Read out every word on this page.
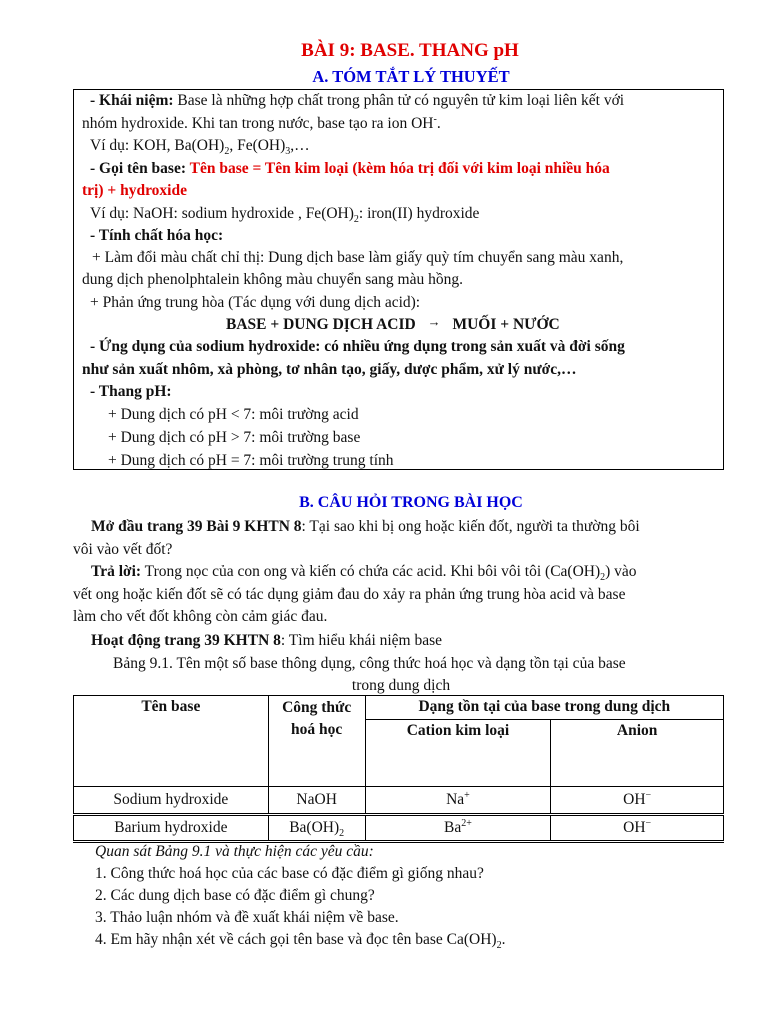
BÀI 9: BASE. THANG pH
A. TÓM TẮT LÝ THUYẾT
- Khái niệm: Base là những hợp chất trong phân tử có nguyên tử kim loại liên kết với
nhóm hydroxide. Khi tan trong nước, base tạo ra ion OH-.
Ví dụ: KOH, $Ba(OH)_2$, $Fe(OH)_3,\dots$
- Gọi tên base: Tên base = Tên kim loại (kèm hóa trị đối với kim loại nhiều hóa
trị) + hydroxide
Ví dụ: NaOH: sodium hydroxide , $Fe(OH)_2$: iron(II) hydroxide
- Tính chất hóa học:
+ Làm đổi màu chất chỉ thị: Dung dịch base làm giấy quỳ tím chuyển sang màu xanh,
dung dịch phenolphtalein không màu chuyển sang màu hồng.
+ Phản ứng trung hòa (Tác dụng với dung dịch acid):
BASE + DUNG DỊCH ACID → MUỐI + NƯỚC
- Ứng dụng của sodium hydroxide: có nhiều ứng dụng trong sản xuất và đời sống
như sản xuất nhôm, xà phòng, tơ nhân tạo, giấy, dược phẩm, xử lý nước,…
- Thang pH:
+ Dung dịch có pH < 7: môi trường acid
+ Dung dịch có pH > 7: môi trường base
+ Dung dịch có pH = 7: môi trường trung tính
B. CÂU HỎI TRONG BÀI HỌC
Mở đầu trang 39 Bài 9 KHTN 8: Tại sao khi bị ong hoặc kiến đốt, người ta thường bôi
vôi vào vết đốt?
Trả lời: Trong nọc của con ong và kiến có chứa các acid. Khi bôi vôi tôi $(Ca(OH)_2)$ vào
vết ong hoặc kiến đốt sẽ có tác dụng giảm đau do xảy ra phản ứng trung hòa acid và base
làm cho vết đốt không còn cảm giác đau.
Hoạt động trang 39 KHTN 8: Tìm hiểu khái niệm base
Bảng 9.1. Tên một số base thông dụng, công thức hoá học và dạng tồn tại của base
trong dung dịch
Tên base	Công thức hoá học	Dạng tồn tại của base trong dung dịch	
		Cation kim loại	Anion
Sodium hydroxide	NaOH	Na+	OH−
Barium hydroxide	$Ba(OH)_2$	$Ba^{2+}$	OH−
Quan sát Bảng 9.1 và thực hiện các yêu cầu:
1. Công thức hoá học của các base có đặc điểm gì giống nhau?
2. Các dung dịch base có đặc điểm gì chung?
3. Thảo luận nhóm và đề xuất khái niệm về base.
4. Em hãy nhận xét về cách gọi tên base và đọc tên base $Ca(OH)_2$.
